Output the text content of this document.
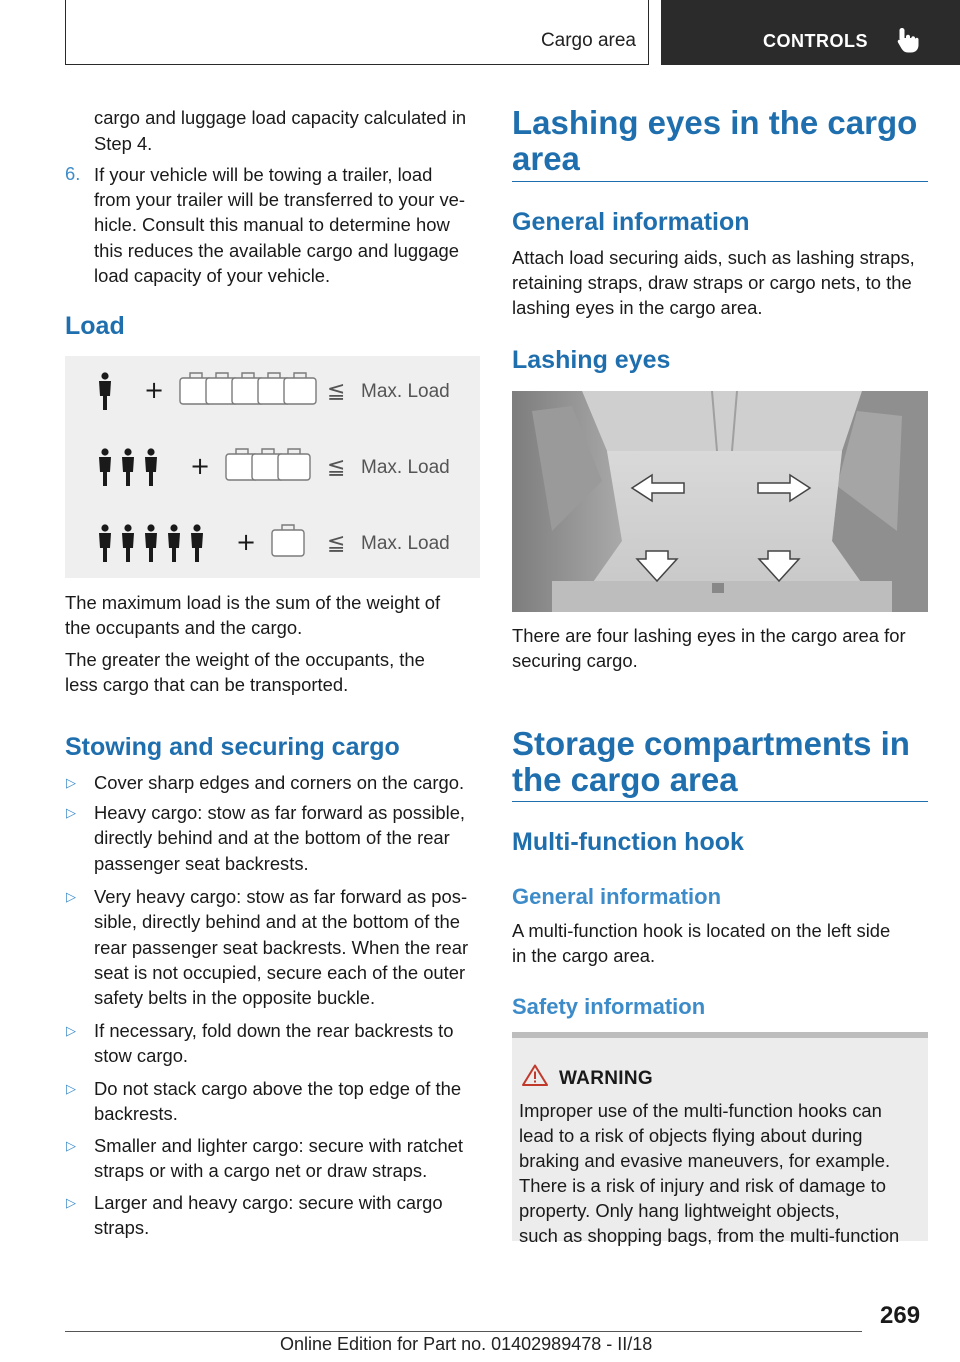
Cargo area	CONTROLS
cargo and luggage load capacity calculated in
Step 4.
6. If your vehicle will be towing a trailer, load
from your trailer will be transferred to your ve-
hicle. Consult this manual to determine how
this reduces the available cargo and luggage
load capacity of your vehicle.
Load
+	≦ Max. Load
+	≦ Max. Load
+	≦ Max. Load
The maximum load is the sum of the weight of
the occupants and the cargo.
The greater the weight of the occupants, the
less cargo that can be transported.
Stowing and securing cargo
▷ Cover sharp edges and corners on the cargo.
▷ Heavy cargo: stow as far forward as possible,
directly behind and at the bottom of the rear
passenger seat backrests.
▷ Very heavy cargo: stow as far forward as pos-
sible, directly behind and at the bottom of the
rear passenger seat backrests. When the rear
seat is not occupied, secure each of the outer
safety belts in the opposite buckle.
▷ If necessary, fold down the rear backrests to
stow cargo.
▷ Do not stack cargo above the top edge of the
backrests.
▷ Smaller and lighter cargo: secure with ratchet
straps or with a cargo net or draw straps.
▷ Larger and heavy cargo: secure with cargo
straps.
Lashing eyes in the cargo
area
General information
Attach load securing aids, such as lashing straps,
retaining straps, draw straps or cargo nets, to the
lashing eyes in the cargo area.
Lashing eyes
There are four lashing eyes in the cargo area for
securing cargo.
Storage compartments in
the cargo area
Multi-function hook
General information
A multi-function hook is located on the left side
in the cargo area.
Safety information
WARNING
Improper use of the multi-function hooks can
lead to a risk of objects flying about during
braking and evasive maneuvers, for example.
There is a risk of injury and risk of damage to
property. Only hang lightweight objects,
such as shopping bags, from the multi-function
269
Online Edition for Part no. 01402989478 - II/18
